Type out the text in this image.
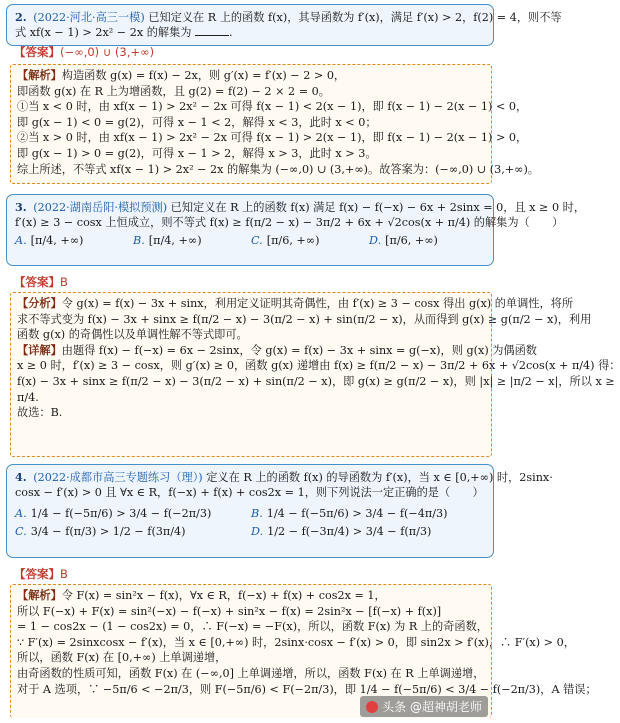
2. (2022·河北·高三一模) 已知定义在 R 上的函数 f(x)，其导函数为 f′(x)，满足 f′(x) > 2，f(2) = 4，则不等
式 xf(x − 1) > 2x² − 2x 的解集为	.
【答案】(−∞,0) ∪ (3,+∞)
【解析】构造函数 g(x) = f(x) − 2x，则 g′(x) = f′(x) − 2 > 0，
即函数 g(x) 在 R 上为增函数，且 g(2) = f(2) − 2 × 2 = 0。
①当 x < 0 时，由 xf(x − 1) > 2x² − 2x 可得 f(x − 1) < 2(x − 1)，即 f(x − 1) − 2(x − 1) < 0，
即 g(x − 1) < 0 = g(2)，可得 x − 1 < 2，解得 x < 3，此时 x < 0；
②当 x > 0 时，由 xf(x − 1) > 2x² − 2x 可得 f(x − 1) > 2(x − 1)，即 f(x − 1) − 2(x − 1) > 0，
即 g(x − 1) > 0 = g(2)，可得 x − 1 > 2，解得 x > 3，此时 x > 3。
综上所述，不等式 xf(x − 1) > 2x² − 2x 的解集为 (−∞,0) ∪ (3,+∞)。故答案为：(−∞,0) ∪ (3,+∞)。
3. (2022·湖南岳阳·模拟预测) 已知定义在 R 上的函数 f(x) 满足 f(x) − f(−x) − 6x + 2sinx = 0，且 x ≥ 0 时，
f′(x) ≥ 3 − cosx 上恒成立，则不等式 f(x) ≥ f(π/2 − x) − 3π/2 + 6x + √2cos(x + π/4) 的解集为（　　）
A. [π/4, +∞)	B. [π/4, +∞)	C. [π/6, +∞)	D. [π/6, +∞)
【答案】B
【分析】令 g(x) = f(x) − 3x + sinx，利用定义证明其奇偶性，由 f′(x) ≥ 3 − cosx 得出 g(x) 的单调性，将所
求不等式变为 f(x) − 3x + sinx ≥ f(π/2 − x) − 3(π/2 − x) + sin(π/2 − x)，从而得到 g(x) ≥ g(π/2 − x)，利用
函数 g(x) 的奇偶性以及单调性解不等式即可。
【详解】由题得 f(x) − f(−x) = 6x − 2sinx，令 g(x) = f(x) − 3x + sinx = g(−x)，则 g(x) 为偶函数
x ≥ 0 时，f′(x) ≥ 3 − cosx，则 g′(x) ≥ 0，函数 g(x) 递增由 f(x) ≥ f(π/2 − x) − 3π/2 + 6x + √2cos(x + π/4) 得：
f(x) − 3x + sinx ≥ f(π/2 − x) − 3(π/2 − x) + sin(π/2 − x)，即 g(x) ≥ g(π/2 − x)，则 |x| ≥ |π/2 − x|，所以 x ≥
π/4.
故选：B.
4. (2022·成都市高三专题练习（理）) 定义在 R 上的函数 f(x) 的导函数为 f′(x)，当 x ∈ [0,+∞) 时，2sinx·
cosx − f′(x) > 0 且 ∀x ∈ R，f(−x) + f(x) + cos2x = 1，则下列说法一定正确的是（　　）
A. 1/4 − f(−5π/6) > 3/4 − f(−2π/3)	B. 1/4 − f(−5π/6) > 3/4 − f(−4π/3)
C. 3/4 − f(π/3) > 1/2 − f(3π/4)	D. 1/2 − f(−3π/4) > 3/4 − f(π/3)
【答案】B
【解析】令 F(x) = sin²x − f(x)，∀x ∈ R，f(−x) + f(x) + cos2x = 1，
所以 F(−x) + F(x) = sin²(−x) − f(−x) + sin²x − f(x) = 2sin²x − [f(−x) + f(x)]
= 1 − cos2x − (1 − cos2x) = 0，∴ F(−x) = −F(x)，所以，函数 F(x) 为 R 上的奇函数，
∵ F′(x) = 2sinxcosx − f′(x)，当 x ∈ [0,+∞) 时，2sinx·cosx − f′(x) > 0，即 sin2x > f′(x)，∴ F′(x) > 0，
所以，函数 F(x) 在 [0,+∞) 上单调递增，
由奇函数的性质可知，函数 F(x) 在 (−∞,0] 上单调递增，所以，函数 F(x) 在 R 上单调递增，
对于 A 选项，∵ −5π/6 < −2π/3，则 F(−5π/6) < F(−2π/3)，即 1/4 − f(−5π/6) < 3/4 − f(−2π/3)，A 错误；
头条 @超神胡老师
